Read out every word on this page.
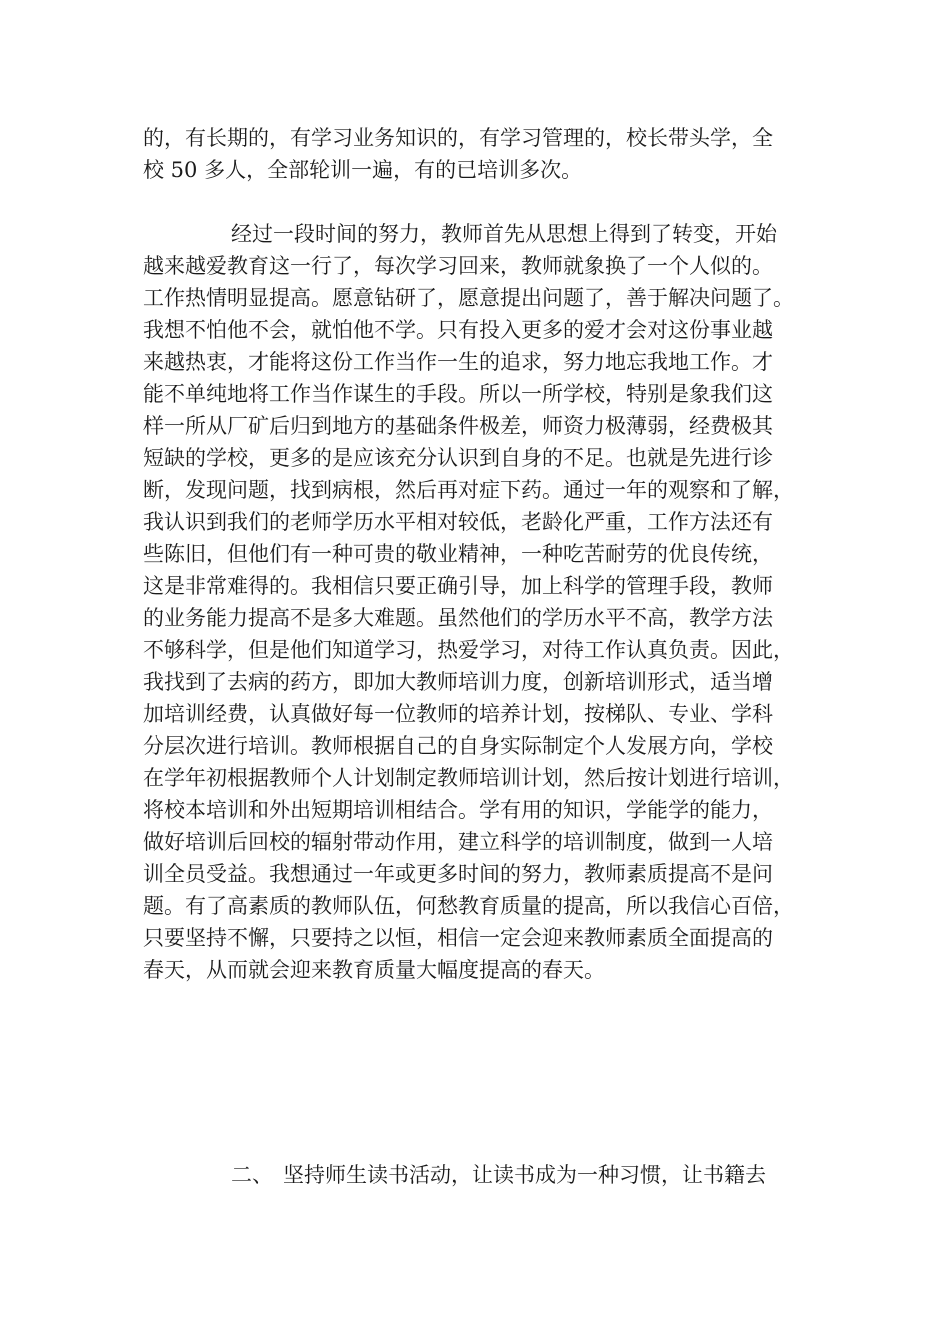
的，有长期的，有学习业务知识的，有学习管理的，校长带头学，全
校 50 多人，全部轮训一遍，有的已培训多次。
经过一段时间的努力，教师首先从思想上得到了转变，开始
越来越爱教育这一行了，每次学习回来，教师就象换了一个人似的。
工作热情明显提高。愿意钻研了，愿意提出问题了，善于解决问题了。
我想不怕他不会，就怕他不学。只有投入更多的爱才会对这份事业越
来越热衷，才能将这份工作当作一生的追求，努力地忘我地工作。才
能不单纯地将工作当作谋生的手段。所以一所学校，特别是象我们这
样一所从厂矿后归到地方的基础条件极差，师资力极薄弱，经费极其
短缺的学校，更多的是应该充分认识到自身的不足。也就是先进行诊
断，发现问题，找到病根，然后再对症下药。通过一年的观察和了解，
我认识到我们的老师学历水平相对较低，老龄化严重，工作方法还有
些陈旧，但他们有一种可贵的敬业精神，一种吃苦耐劳的优良传统，
这是非常难得的。我相信只要正确引导，加上科学的管理手段，教师
的业务能力提高不是多大难题。虽然他们的学历水平不高，教学方法
不够科学，但是他们知道学习，热爱学习，对待工作认真负责。因此，
我找到了去病的药方，即加大教师培训力度，创新培训形式，适当增
加培训经费，认真做好每一位教师的培养计划，按梯队、专业、学科
分层次进行培训。教师根据自己的自身实际制定个人发展方向，学校
在学年初根据教师个人计划制定教师培训计划，然后按计划进行培训，
将校本培训和外出短期培训相结合。学有用的知识，学能学的能力，
做好培训后回校的辐射带动作用，建立科学的培训制度，做到一人培
训全员受益。我想通过一年或更多时间的努力，教师素质提高不是问
题。有了高素质的教师队伍，何愁教育质量的提高，所以我信心百倍，
只要坚持不懈，只要持之以恒，相信一定会迎来教师素质全面提高的
春天，从而就会迎来教育质量大幅度提高的春天。
二、 坚持师生读书活动，让读书成为一种习惯，让书籍去
